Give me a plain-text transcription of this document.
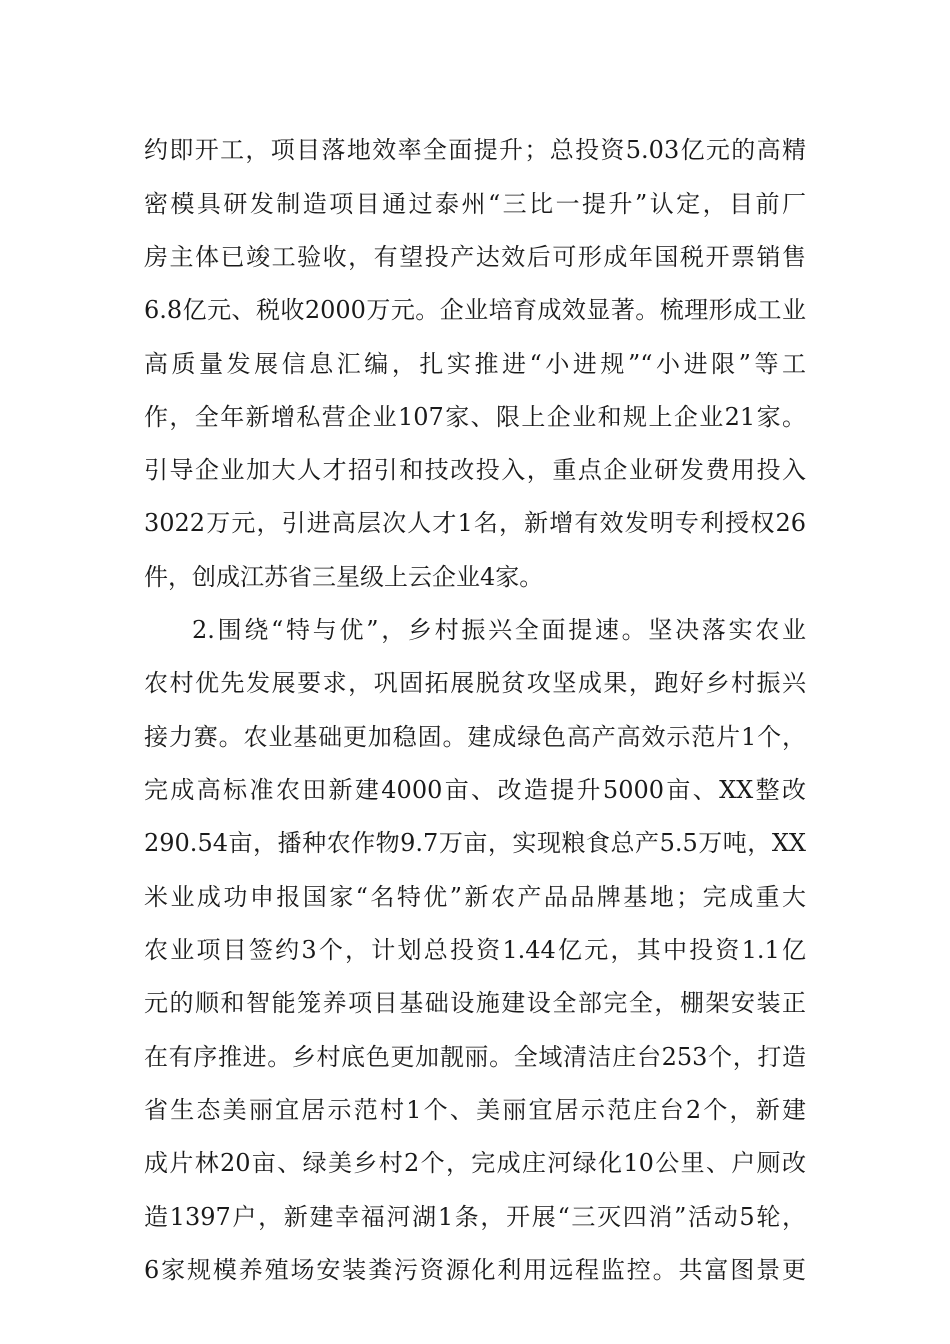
约即开工，项目落地效率全面提升；总投资5.03亿元的高精
密模具研发制造项目通过泰州“三比一提升”认定，目前厂
房主体已竣工验收，有望投产达效后可形成年国税开票销售
6.8亿元、税收2000万元。企业培育成效显著。梳理形成工业
高质量发展信息汇编，扎实推进“小进规”“小进限”等工
作，全年新增私营企业107家、限上企业和规上企业21家。
引导企业加大人才招引和技改投入，重点企业研发费用投入
3022万元，引进高层次人才1名，新增有效发明专利授权26
件，创成江苏省三星级上云企业4家。
2.围绕“特与优”，乡村振兴全面提速。坚决落实农业
农村优先发展要求，巩固拓展脱贫攻坚成果，跑好乡村振兴
接力赛。农业基础更加稳固。建成绿色高产高效示范片1个，
完成高标准农田新建4000亩、改造提升5000亩、XX整改
290.54亩，播种农作物9.7万亩，实现粮食总产5.5万吨，XX
米业成功申报国家“名特优”新农产品品牌基地；完成重大
农业项目签约3个，计划总投资1.44亿元，其中投资1.1亿
元的顺和智能笼养项目基础设施建设全部完全，棚架安装正
在有序推进。乡村底色更加靓丽。全域清洁庄台253个，打造
省生态美丽宜居示范村1个、美丽宜居示范庄台2个，新建
成片林20亩、绿美乡村2个，完成庄河绿化10公里、户厕改
造1397户，新建幸福河湖1条，开展“三灭四消”活动5轮，
6家规模养殖场安装粪污资源化利用远程监控。共富图景更
